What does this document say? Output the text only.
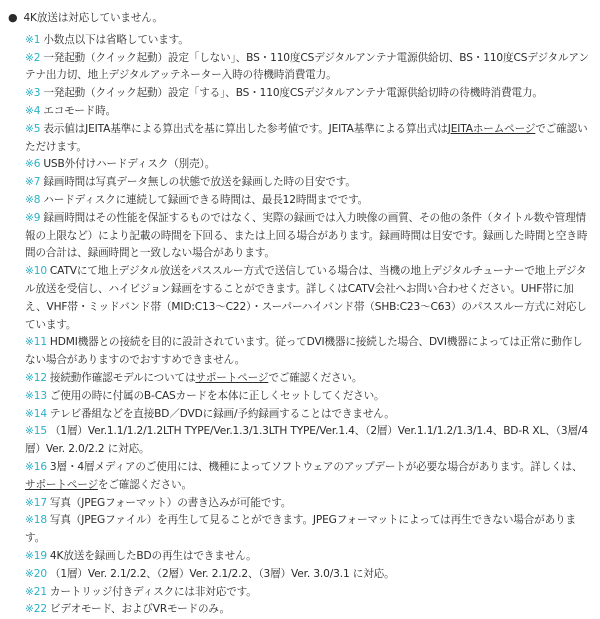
● 4K放送は対応していません。
※1 小数点以下は省略しています。
※2 一発起動（クイック起動）設定「しない」、BS・110度CSデジタルアンテナ電源供給切、BS・110度CSデジタルアンテナ出力切、地上デジタルアッテネーター入時の待機時消費電力。
※3 一発起動（クイック起動）設定「する」、BS・110度CSデジタルアンテナ電源供給切時の待機時消費電力。
※4 エコモード時。
※5 表示値はJEITA基準による算出式を基に算出した参考値です。JEITA基準による算出式はJEITAホームページでご確認いただけます。
※6 USB外付けハードディスク（別売）。
※7 録画時間は写真データ無しの状態で放送を録画した時の目安です。
※8 ハードディスクに連続して録画できる時間は、最長12時間までです。
※9 録画時間はその性能を保証するものではなく、実際の録画では入力映像の画質、その他の条件（タイトル数や管理情報の上限など）により記載の時間を下回る、または上回る場合があります。録画時間は目安です。録画した時間と空き時間の合計は、録画時間と一致しない場合があります。
※10 CATVにて地上デジタル放送をパススルー方式で送信している場合は、当機の地上デジタルチューナーで地上デジタル放送を受信し、ハイビジョン録画をすることができます。詳しくはCATV会社へお問い合わせください。UHF帯に加え、VHF帯・ミッドバンド帯（MID:C13〜C22）・スーパーハイバンド帯（SHB:C23〜C63）のパススルー方式に対応しています。
※11 HDMI機器との接続を目的に設計されています。従ってDVI機器に接続した場合、DVI機器によっては正常に動作しない場合がありますのでおすすめできません。
※12 接続動作確認モデルについてはサポートページでご確認ください。
※13 ご使用の時に付属のB-CASカードを本体に正しくセットしてください。
※14 テレビ番組などを直接BD／DVDに録画/予約録画することはできません。
※15 （1層）Ver.1.1/1.2/1.2LTH TYPE/Ver.1.3/1.3LTH TYPE/Ver.1.4、（2層）Ver.1.1/1.2/1.3/1.4、BD-R XL、（3層/4層）Ver. 2.0/2.2 に対応。
※16 3層・4層メディアのご使用には、機種によってソフトウェアのアップデートが必要な場合があります。詳しくは、サポートページをご確認ください。
※17 写真（JPEGフォーマット）の書き込みが可能です。
※18 写真（JPEGファイル）を再生して見ることができます。JPEGフォーマットによっては再生できない場合があります。
※19 4K放送を録画したBDの再生はできません。
※20 （1層）Ver. 2.1/2.2、（2層）Ver. 2.1/2.2、（3層）Ver. 3.0/3.1 に対応。
※21 カートリッジ付きディスクには非対応です。
※22 ビデオモード、およびVRモードのみ。
